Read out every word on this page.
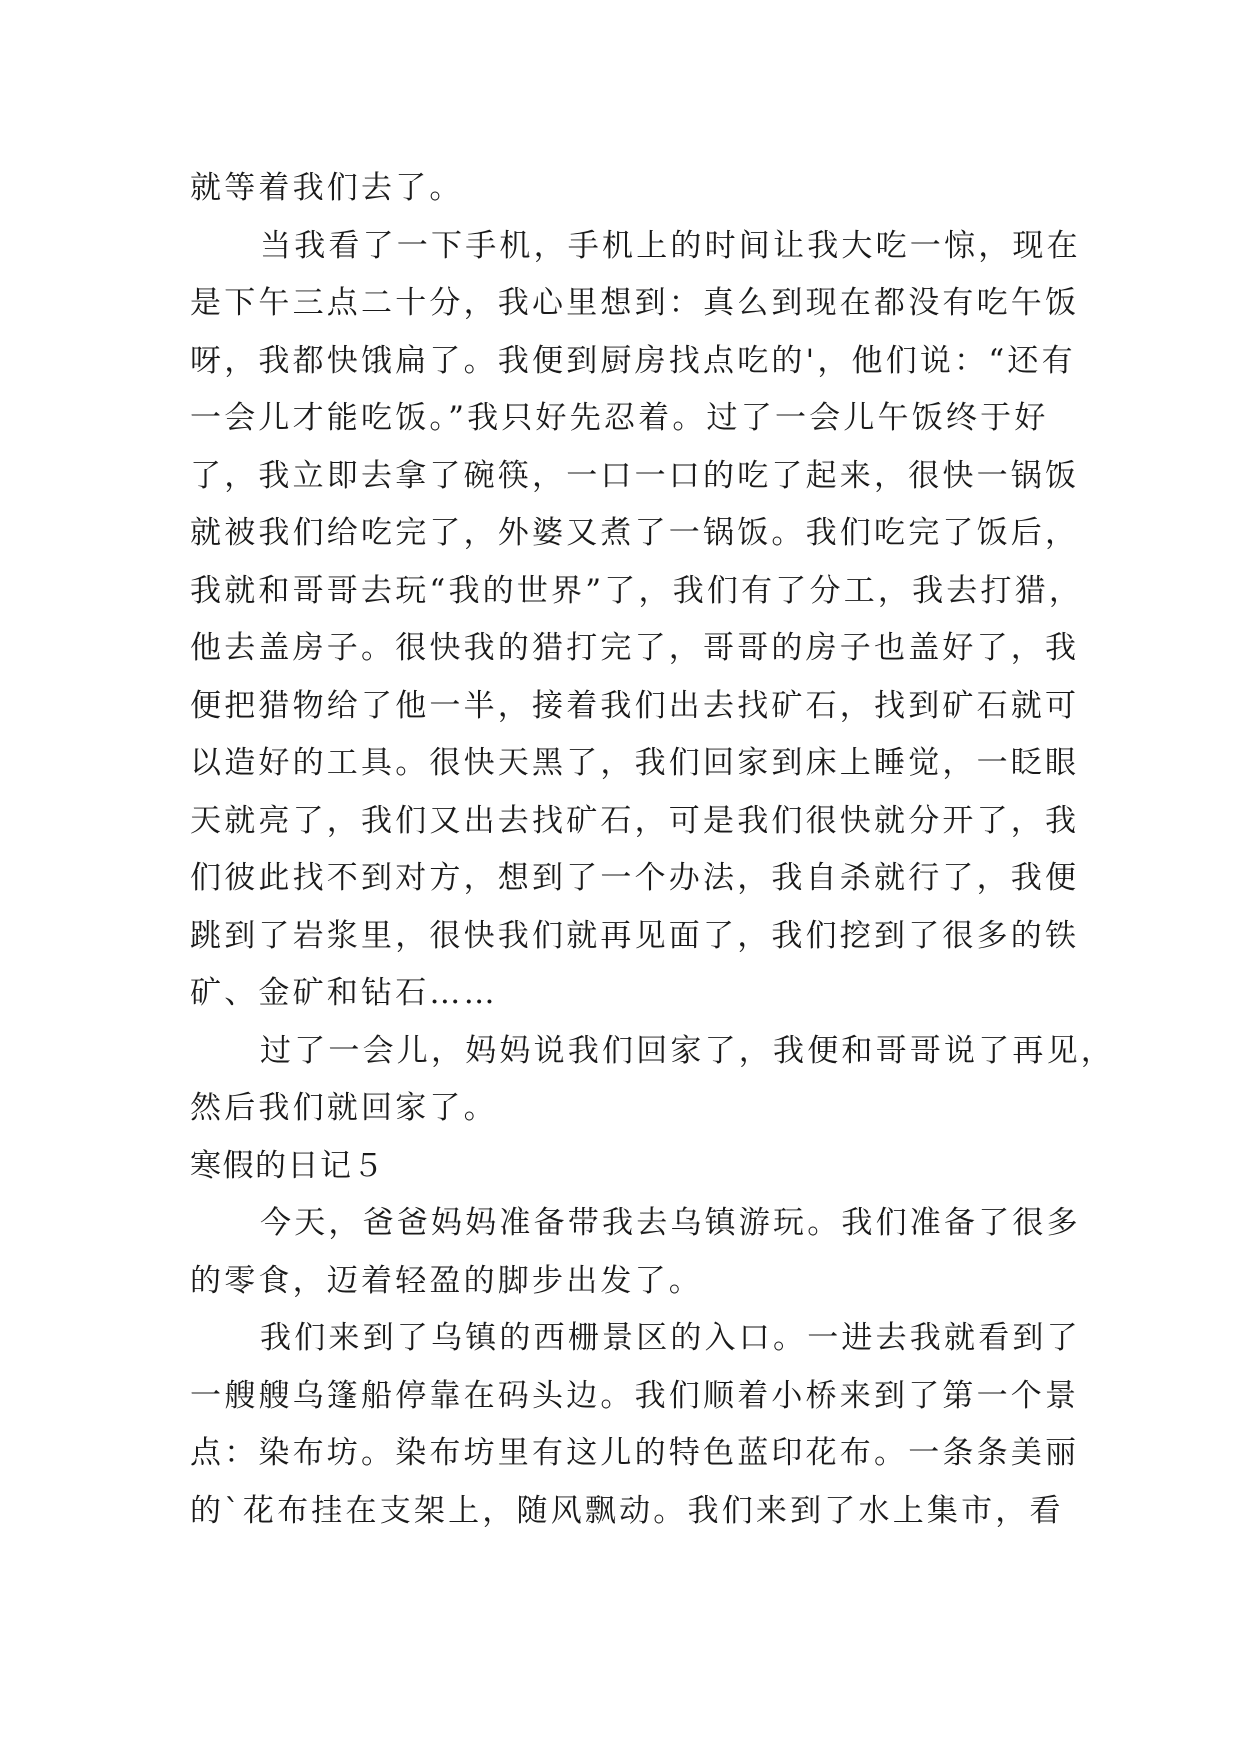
就等着我们去了。
当我看了一下手机，手机上的时间让我大吃一惊，现在
是下午三点二十分，我心里想到：真么到现在都没有吃午饭
呀，我都快饿扁了。我便到厨房找点吃的'，他们说：“还有
一会儿才能吃饭。”我只好先忍着。过了一会儿午饭终于好
了，我立即去拿了碗筷，一口一口的吃了起来，很快一锅饭
就被我们给吃完了，外婆又煮了一锅饭。我们吃完了饭后，
我就和哥哥去玩“我的世界”了，我们有了分工，我去打猎，
他去盖房子。很快我的猎打完了，哥哥的房子也盖好了，我
便把猎物给了他一半，接着我们出去找矿石，找到矿石就可
以造好的工具。很快天黑了，我们回家到床上睡觉，一眨眼
天就亮了，我们又出去找矿石，可是我们很快就分开了，我
们彼此找不到对方，想到了一个办法，我自杀就行了，我便
跳到了岩浆里，很快我们就再见面了，我们挖到了很多的铁
矿、金矿和钻石……
过了一会儿，妈妈说我们回家了，我便和哥哥说了再见，
然后我们就回家了。
寒假的日记５
今天，爸爸妈妈准备带我去乌镇游玩。我们准备了很多
的零食，迈着轻盈的脚步出发了。
我们来到了乌镇的西栅景区的入口。一进去我就看到了
一艘艘乌篷船停靠在码头边。我们顺着小桥来到了第一个景
点：染布坊。染布坊里有这儿的特色蓝印花布。一条条美丽
的`花布挂在支架上，随风飘动。我们来到了水上集市，看
